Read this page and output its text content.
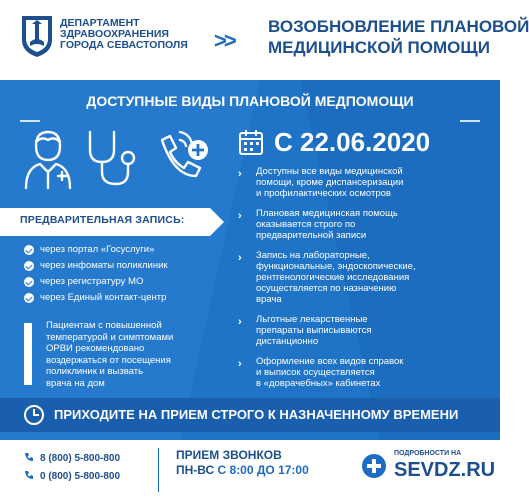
ДЕПАРТАМЕНТ
ЗДРАВООХРАНЕНИЯ
ГОРОДА СЕВАСТОПОЛЯ	>>
ВОЗОБНОВЛЕНИЕ ПЛАНОВОЙ
МЕДИЦИНСКОЙ ПОМОЩИ
ДОСТУПНЫЕ ВИДЫ ПЛАНОВОЙ МЕДПОМОЩИ
ПРЕДВАРИТЕЛЬНАЯ ЗАПИСЬ:
через портал «Госуслуги»
через инфоматы поликлиник
через регистратуру МО
через Единый контакт-центр
Пациентам с повышенной
температурой и симптомами
ОРВИ рекомендовано
воздержаться от посещения
поликлиник и вызвать
врача на дом
С 22.06.2020
› Доступны все виды медицинской
помощи, кроме диспансеризации
и профилактических осмотров
› Плановая медицинская помощь
оказывается строго по
предварительной записи
› Запись на лабораторные,
функциональные, эндоскопические,
рентгенологические исследования
осуществляется по назначению
врача
› Льготные лекарственные
препараты выписываются
дистанционно
› Оформление всех видов справок
и выписок осуществляется
в «доврачебных» кабинетах
ПРИХОДИТЕ НА ПРИЕМ СТРОГО К НАЗНАЧЕННОМУ ВРЕМЕНИ
8 (800) 5-800-800
0 (800) 5-800-800
ПРИЕМ ЗВОНКОВ
ПН-ВС С 8:00 ДО 17:00
ПОДРОБНОСТИ НА
SEVDZ.RU
